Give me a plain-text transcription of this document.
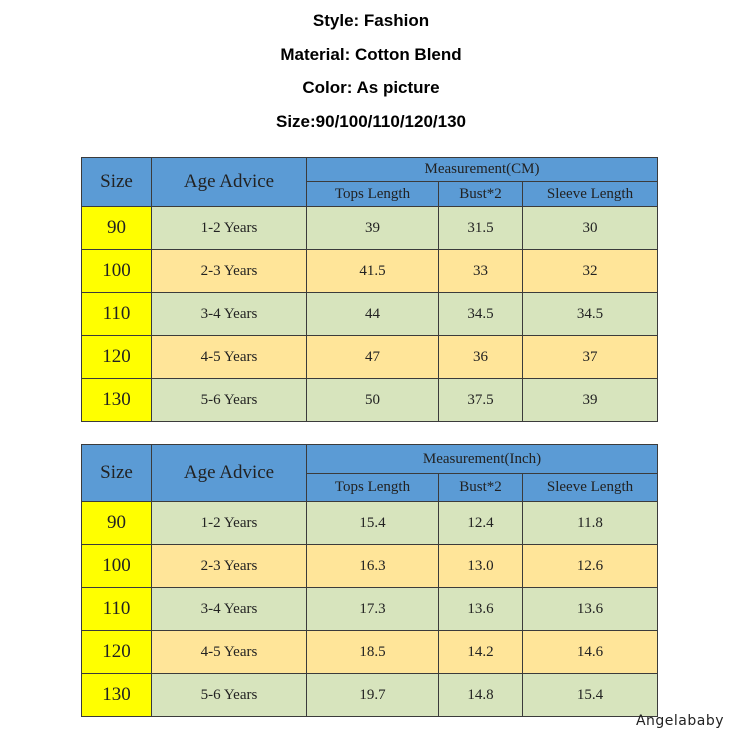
Style: Fashion
Material: Cotton Blend
Color: As picture
Size:90/100/110/120/130
Size	Age Advice	Measurement(CM)		
		Tops Length	Bust*2	Sleeve Length
90	1-2 Years	39	31.5	30
100	2-3 Years	41.5	33	32
110	3-4 Years	44	34.5	34.5
120	4-5 Years	47	36	37
130	5-6 Years	50	37.5	39
Size	Age Advice	Measurement(Inch)		
		Tops Length	Bust*2	Sleeve Length
90	1-2 Years	15.4	12.4	11.8
100	2-3 Years	16.3	13.0	12.6
110	3-4 Years	17.3	13.6	13.6
120	4-5 Years	18.5	14.2	14.6
130	5-6 Years	19.7	14.8	15.4
Angelababy
